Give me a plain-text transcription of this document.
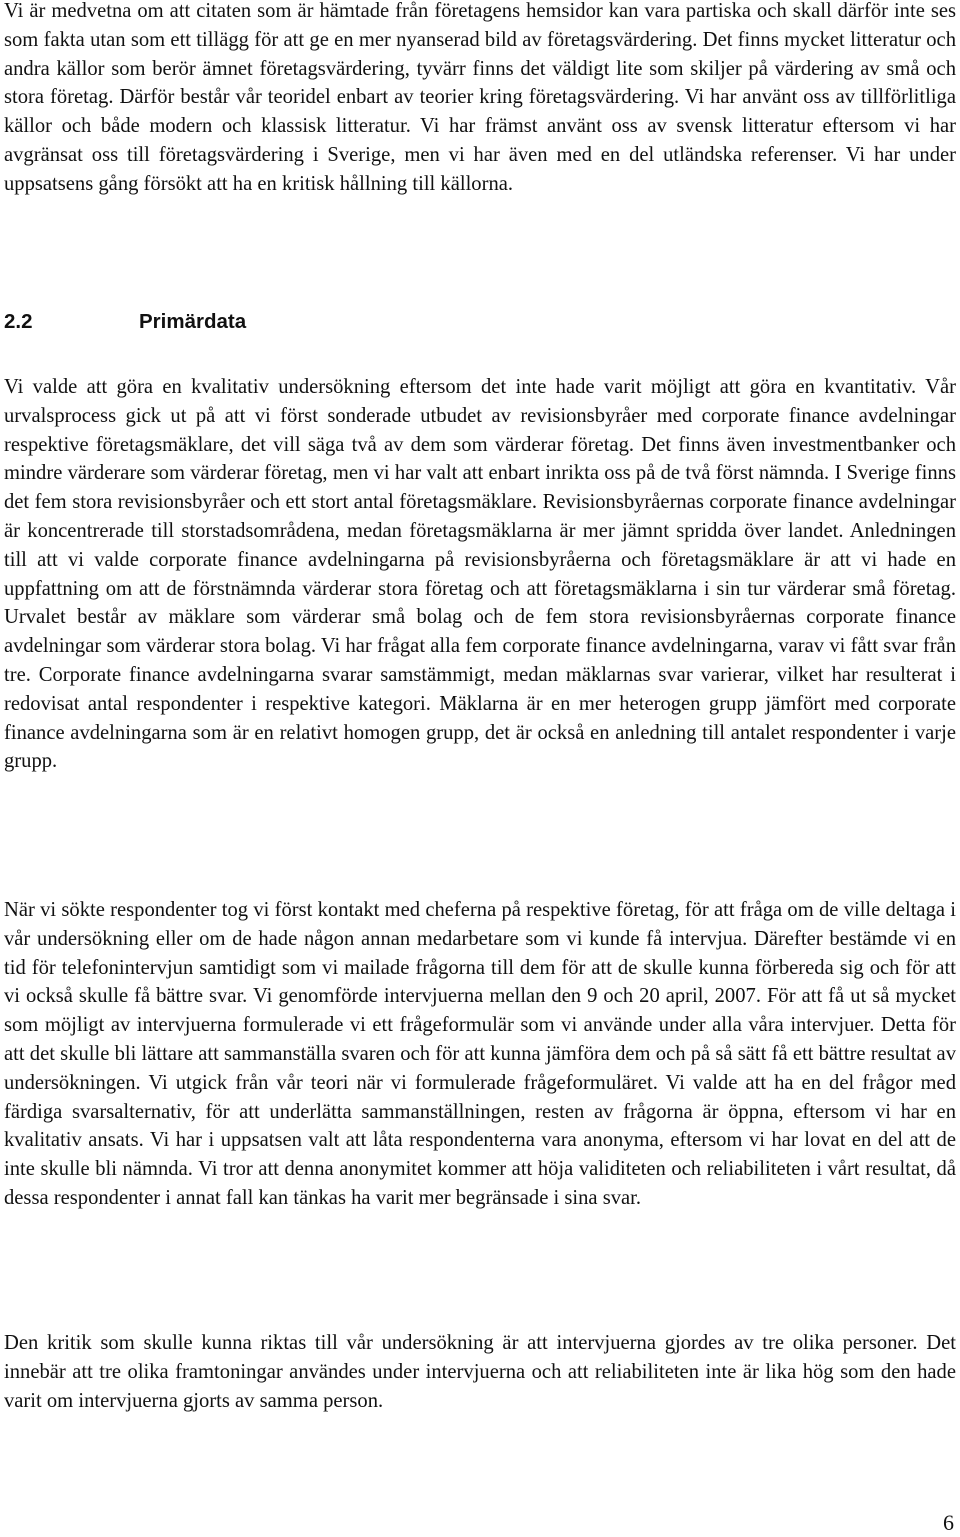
Vi är medvetna om att citaten som är hämtade från företagens hemsidor kan vara partiska och skall därför inte ses som fakta utan som ett tillägg för att ge en mer nyanserad bild av företagsvärdering. Det finns mycket litteratur och andra källor som berör ämnet företagsvärdering, tyvärr finns det väldigt lite som skiljer på värdering av små och stora företag. Därför består vår teoridel enbart av teorier kring företagsvärdering. Vi har använt oss av tillförlitliga källor och både modern och klassisk litteratur. Vi har främst använt oss av svensk litteratur eftersom vi har avgränsat oss till företagsvärdering i Sverige, men vi har även med en del utländska referenser. Vi har under uppsatsens gång försökt att ha en kritisk hållning till källorna.

2.2	Primärdata

Vi valde att göra en kvalitativ undersökning eftersom det inte hade varit möjligt att göra en kvantitativ. Vår urvalsprocess gick ut på att vi först sonderade utbudet av revisionsbyråer med corporate finance avdelningar respektive företagsmäklare, det vill säga två av dem som värderar företag. Det finns även investmentbanker och mindre värderare som värderar företag, men vi har valt att enbart inrikta oss på de två först nämnda. I Sverige finns det fem stora revisionsbyråer och ett stort antal företagsmäklare. Revisionsbyråernas corporate finance avdelningar är koncentrerade till storstadsområdena, medan företagsmäklarna är mer jämnt spridda över landet. Anledningen till att vi valde corporate finance avdelningarna på revisionsbyråerna och företagsmäklare är att vi hade en uppfattning om att de förstnämnda värderar stora företag och att företagsmäklarna i sin tur värderar små företag. Urvalet består av mäklare som värderar små bolag och de fem stora revisionsbyråernas corporate finance avdelningar som värderar stora bolag. Vi har frågat alla fem corporate finance avdelningarna, varav vi fått svar från tre. Corporate finance avdelningarna svarar samstämmigt, medan mäklarnas svar varierar, vilket har resulterat i redovisat antal respondenter i respektive kategori. Mäklarna är en mer heterogen grupp jämfört med corporate finance avdelningarna som är en relativt homogen grupp, det är också en anledning till antalet respondenter i varje grupp.

När vi sökte respondenter tog vi först kontakt med cheferna på respektive företag, för att fråga om de ville deltaga i vår undersökning eller om de hade någon annan medarbetare som vi kunde få intervjua. Därefter bestämde vi en tid för telefonintervjun samtidigt som vi mailade frågorna till dem för att de skulle kunna förbereda sig och för att vi också skulle få bättre svar. Vi genomförde intervjuerna mellan den 9 och 20 april, 2007. För att få ut så mycket som möjligt av intervjuerna formulerade vi ett frågeformulär som vi använde under alla våra intervjuer. Detta för att det skulle bli lättare att sammanställa svaren och för att kunna jämföra dem och på så sätt få ett bättre resultat av undersökningen. Vi utgick från vår teori när vi formulerade frågeformuläret. Vi valde att ha en del frågor med färdiga svarsalternativ, för att underlätta sammanställningen, resten av frågorna är öppna, eftersom vi har en kvalitativ ansats. Vi har i uppsatsen valt att låta respondenterna vara anonyma, eftersom vi har lovat en del att de inte skulle bli nämnda. Vi tror att denna anonymitet kommer att höja validiteten och reliabiliteten i vårt resultat, då dessa respondenter i annat fall kan tänkas ha varit mer begränsade i sina svar.

Den kritik som skulle kunna riktas till vår undersökning är att intervjuerna gjordes av tre olika personer. Det innebär att tre olika framtoningar användes under intervjuerna och att reliabiliteten inte är lika hög som den hade varit om intervjuerna gjorts av samma person.

6
